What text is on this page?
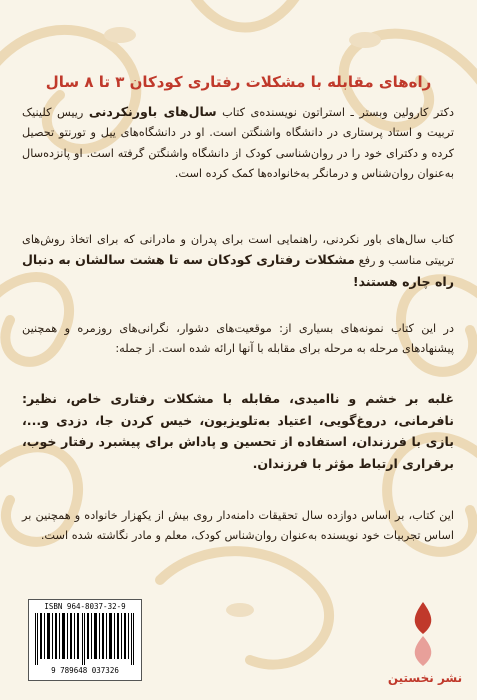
راه‌های مقابله با مشکلات رفتاری کودکان ۳ تا ۸ سال
دکتر کارولین وبستر ـ استراتون نویسنده‌ی کتاب سال‌های باورنکردنی رییس کلینیک تربیت و استاد پرستاری در دانشگاه واشنگتن است. او در دانشگاه‌های ییل و تورنتو تحصیل کرده و دکترای خود را در روان‌شناسی کودک از دانشگاه واشنگتن گرفته است. او پانزده‌سال به‌عنوان روان‌شناس و درمانگر به‌خانواده‌ها کمک کرده است.
کتاب سال‌های باور نکردنی، راهنمایی است برای پدران و مادرانی که برای اتخاذ روش‌های تربیتی مناسب و رفع مشکلات رفتاری کودکان سه تا هشت سالشان به دنبال راه چاره هستند!
در این کتاب نمونه‌های بسیاری از: موقعیت‌های دشوار، نگرانی‌های روزمره و همچنین پیشنهادهای مرحله به مرحله برای مقابله با آنها ارائه شده است. از جمله:
غلبه بر خشم و ناامیدی، مقابله با مشکلات رفتاری خاص، نظیر: نافرمانی، دروغ‌گویی، اعتیاد به‌تلویزیون، خیس کردن جا، دزدی و...، بازی با فرزندان، استفاده از تحسین و پاداش برای پیشبرد رفتار خوب، برقراری ارتباط مؤثر با فرزندان.
این کتاب، بر اساس دوازده سال تحقیقات دامنه‌دار روی بیش از یکهزار خانواده و همچنین بر اساس تجربیات خود نویسنده به‌عنوان روان‌شناس کودک، معلم و مادر نگاشته شده است.
ISBN 964-8037-32-9
9 789648 037326
نشر نخستین
